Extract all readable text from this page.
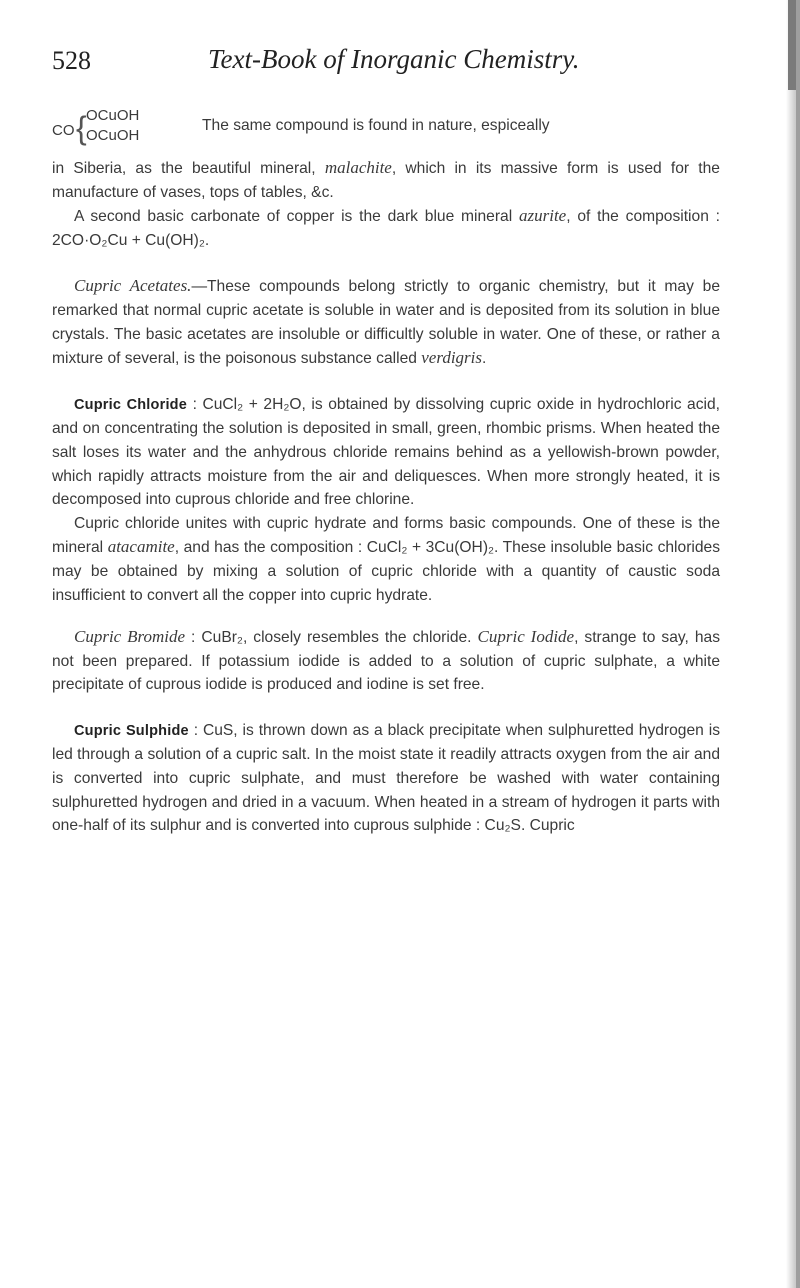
528	Text-Book of Inorganic Chemistry.
CO { OCuOH
OCuOH
The same compound is found in nature, espiceally

in Siberia, as the beautiful mineral, malachite, which in its massive form is used for the manufacture of vases, tops of tables, &c.

A second basic carbonate of copper is the dark blue mineral azurite, of the composition : 2CO·O₂Cu + Cu(OH)₂.

Cupric Acetates.—These compounds belong strictly to organic chemistry, but it may be remarked that normal cupric acetate is soluble in water and is deposited from its solution in blue crystals. The basic acetates are insoluble or difficultly soluble in water. One of these, or rather a mixture of several, is the poisonous substance called verdigris.

Cupric Chloride : CuCl₂ + 2H₂O, is obtained by dissolving cupric oxide in hydrochloric acid, and on concentrating the solution is deposited in small, green, rhombic prisms. When heated the salt loses its water and the anhydrous chloride remains behind as a yellowish-brown powder, which rapidly attracts moisture from the air and deliquesces. When more strongly heated, it is decomposed into cuprous chloride and free chlorine.

Cupric chloride unites with cupric hydrate and forms basic compounds. One of these is the mineral atacamite, and has the composition : CuCl₂ + 3Cu(OH)₂. These insoluble basic chlorides may be obtained by mixing a solution of cupric chloride with a quantity of caustic soda insufficient to convert all the copper into cupric hydrate.

Cupric Bromide : CuBr₂, closely resembles the chloride. Cupric Iodide, strange to say, has not been prepared. If potassium iodide is added to a solution of cupric sulphate, a white precipitate of cuprous iodide is produced and iodine is set free.

Cupric Sulphide : CuS, is thrown down as a black precipitate when sulphuretted hydrogen is led through a solution of a cupric salt. In the moist state it readily attracts oxygen from the air and is converted into cupric sulphate, and must therefore be washed with water containing sulphuretted hydrogen and dried in a vacuum. When heated in a stream of hydrogen it parts with one-half of its sulphur and is converted into cuprous sulphide : Cu₂S. Cupric
